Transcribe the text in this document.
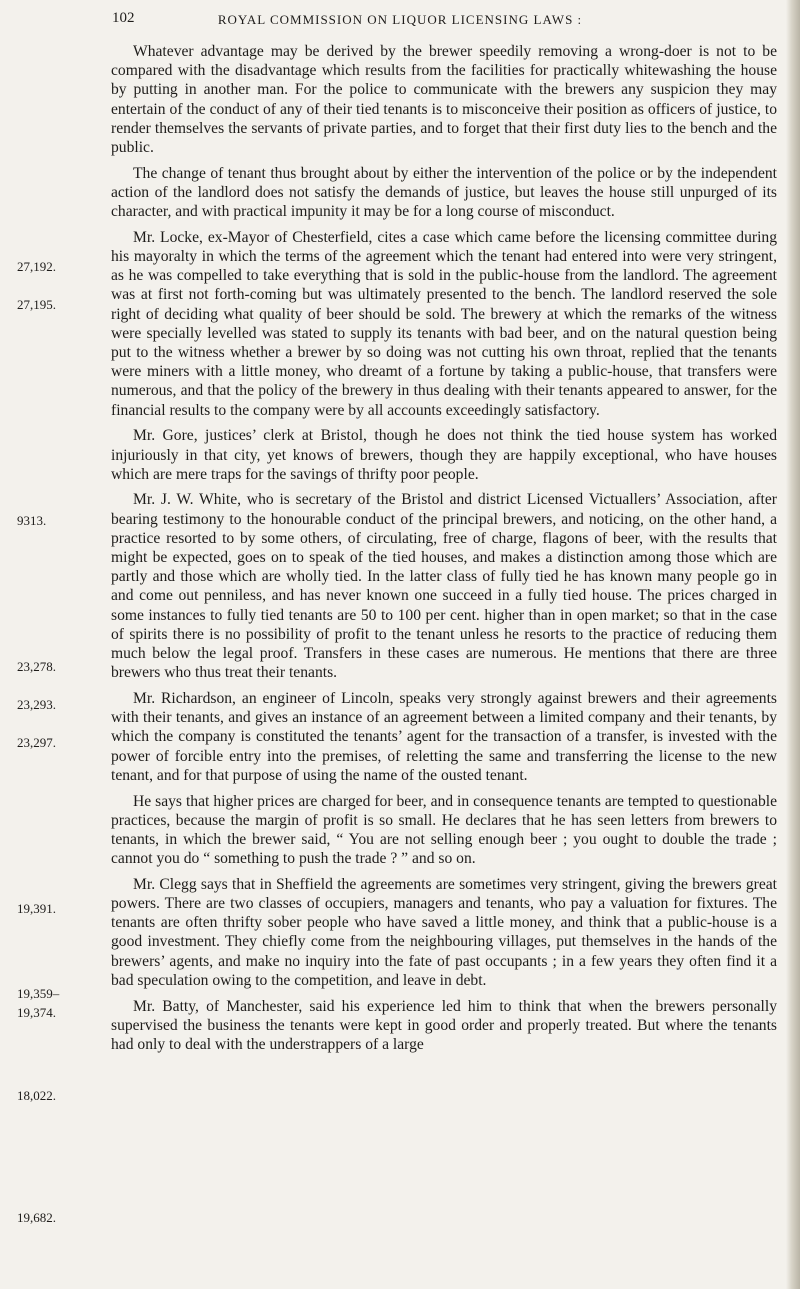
102	ROYAL COMMISSION ON LIQUOR LICENSING LAWS :
27,192.
27,195.
9313.
23,278.
23,293.
23,297.
19,391.
19,359–
19,374.
18,022.
19,682.

Whatever advantage may be derived by the brewer speedily removing a wrong-doer is not to be compared with the disadvantage which results from the facilities for practically whitewashing the house by putting in another man. For the police to communicate with the brewers any suspicion they may entertain of the conduct of any of their tied tenants is to misconceive their position as officers of justice, to render themselves the servants of private parties, and to forget that their first duty lies to the bench and the public.

The change of tenant thus brought about by either the intervention of the police or by the independent action of the landlord does not satisfy the demands of justice, but leaves the house still unpurged of its character, and with practical impunity it may be for a long course of misconduct.

Mr. Locke, ex-Mayor of Chesterfield, cites a case which came before the licensing committee during his mayoralty in which the terms of the agreement which the tenant had entered into were very stringent, as he was compelled to take everything that is sold in the public-house from the landlord. The agreement was at first not forth-coming but was ultimately presented to the bench. The landlord reserved the sole right of deciding what quality of beer should be sold. The brewery at which the remarks of the witness were specially levelled was stated to supply its tenants with bad beer, and on the natural question being put to the witness whether a brewer by so doing was not cutting his own throat, replied that the tenants were miners with a little money, who dreamt of a fortune by taking a public-house, that transfers were numerous, and that the policy of the brewery in thus dealing with their tenants appeared to answer, for the financial results to the company were by all accounts exceedingly satisfactory.

Mr. Gore, justices’ clerk at Bristol, though he does not think the tied house system has worked injuriously in that city, yet knows of brewers, though they are happily exceptional, who have houses which are mere traps for the savings of thrifty poor people.

Mr. J. W. White, who is secretary of the Bristol and district Licensed Victuallers’ Association, after bearing testimony to the honourable conduct of the principal brewers, and noticing, on the other hand, a practice resorted to by some others, of circulating, free of charge, flagons of beer, with the results that might be expected, goes on to speak of the tied houses, and makes a distinction among those which are partly and those which are wholly tied. In the latter class of fully tied he has known many people go in and come out penniless, and has never known one succeed in a fully tied house. The prices charged in some instances to fully tied tenants are 50 to 100 per cent. higher than in open market; so that in the case of spirits there is no possibility of profit to the tenant unless he resorts to the practice of reducing them much below the legal proof. Transfers in these cases are numerous. He mentions that there are three brewers who thus treat their tenants.

Mr. Richardson, an engineer of Lincoln, speaks very strongly against brewers and their agreements with their tenants, and gives an instance of an agreement between a limited company and their tenants, by which the company is constituted the tenants’ agent for the transaction of a transfer, is invested with the power of forcible entry into the premises, of reletting the same and transferring the license to the new tenant, and for that purpose of using the name of the ousted tenant.

He says that higher prices are charged for beer, and in consequence tenants are tempted to questionable practices, because the margin of profit is so small. He declares that he has seen letters from brewers to tenants, in which the brewer said, “ You are not selling enough beer ; you ought to double the trade ; cannot you do “ something to push the trade ? ” and so on.

Mr. Clegg says that in Sheffield the agreements are sometimes very stringent, giving the brewers great powers. There are two classes of occupiers, managers and tenants, who pay a valuation for fixtures. The tenants are often thrifty sober people who have saved a little money, and think that a public-house is a good investment. They chiefly come from the neighbouring villages, put themselves in the hands of the brewers’ agents, and make no inquiry into the fate of past occupants ; in a few years they often find it a bad speculation owing to the competition, and leave in debt.

Mr. Batty, of Manchester, said his experience led him to think that when the brewers personally supervised the business the tenants were kept in good order and properly treated. But where the tenants had only to deal with the understrappers of a large
